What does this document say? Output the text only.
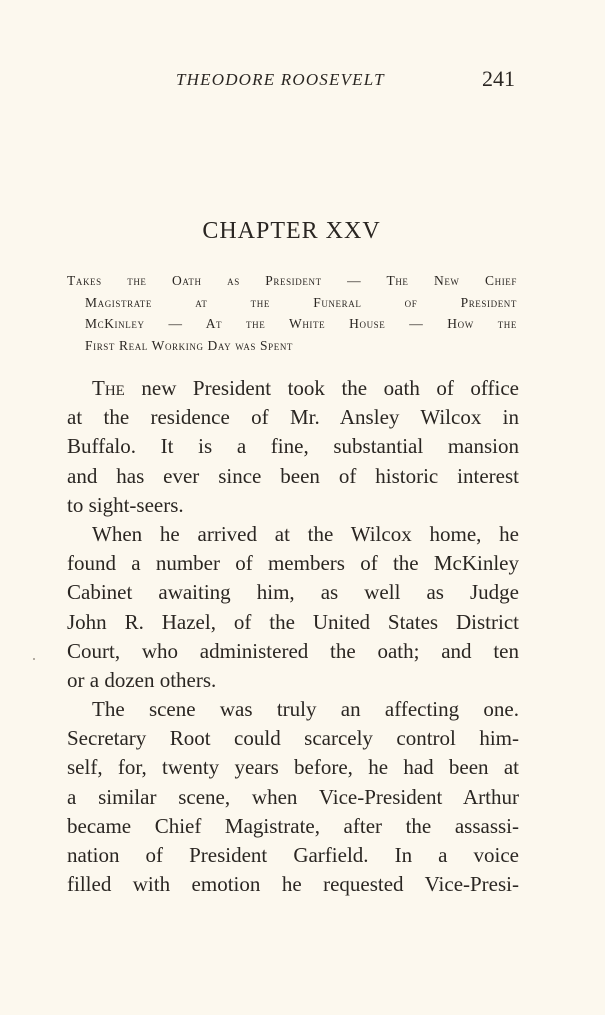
THEODORE ROOSEVELT	241
CHAPTER XXV
Takes the Oath as President — The New Chief
Magistrate at the Funeral of President
McKinley — At the White House — How the
First Real Working Day was Spent
The new President took the oath of office
at the residence of Mr. Ansley Wilcox in
Buffalo. It is a fine, substantial mansion
and has ever since been of historic interest
to sight-seers.
When he arrived at the Wilcox home, he
found a number of members of the McKinley
Cabinet awaiting him, as well as Judge
John R. Hazel, of the United States District
Court, who administered the oath; and ten
or a dozen others.
The scene was truly an affecting one.
Secretary Root could scarcely control him-
self, for, twenty years before, he had been at
a similar scene, when Vice-President Arthur
became Chief Magistrate, after the assassi-
nation of President Garfield. In a voice
filled with emotion he requested Vice-Presi-
